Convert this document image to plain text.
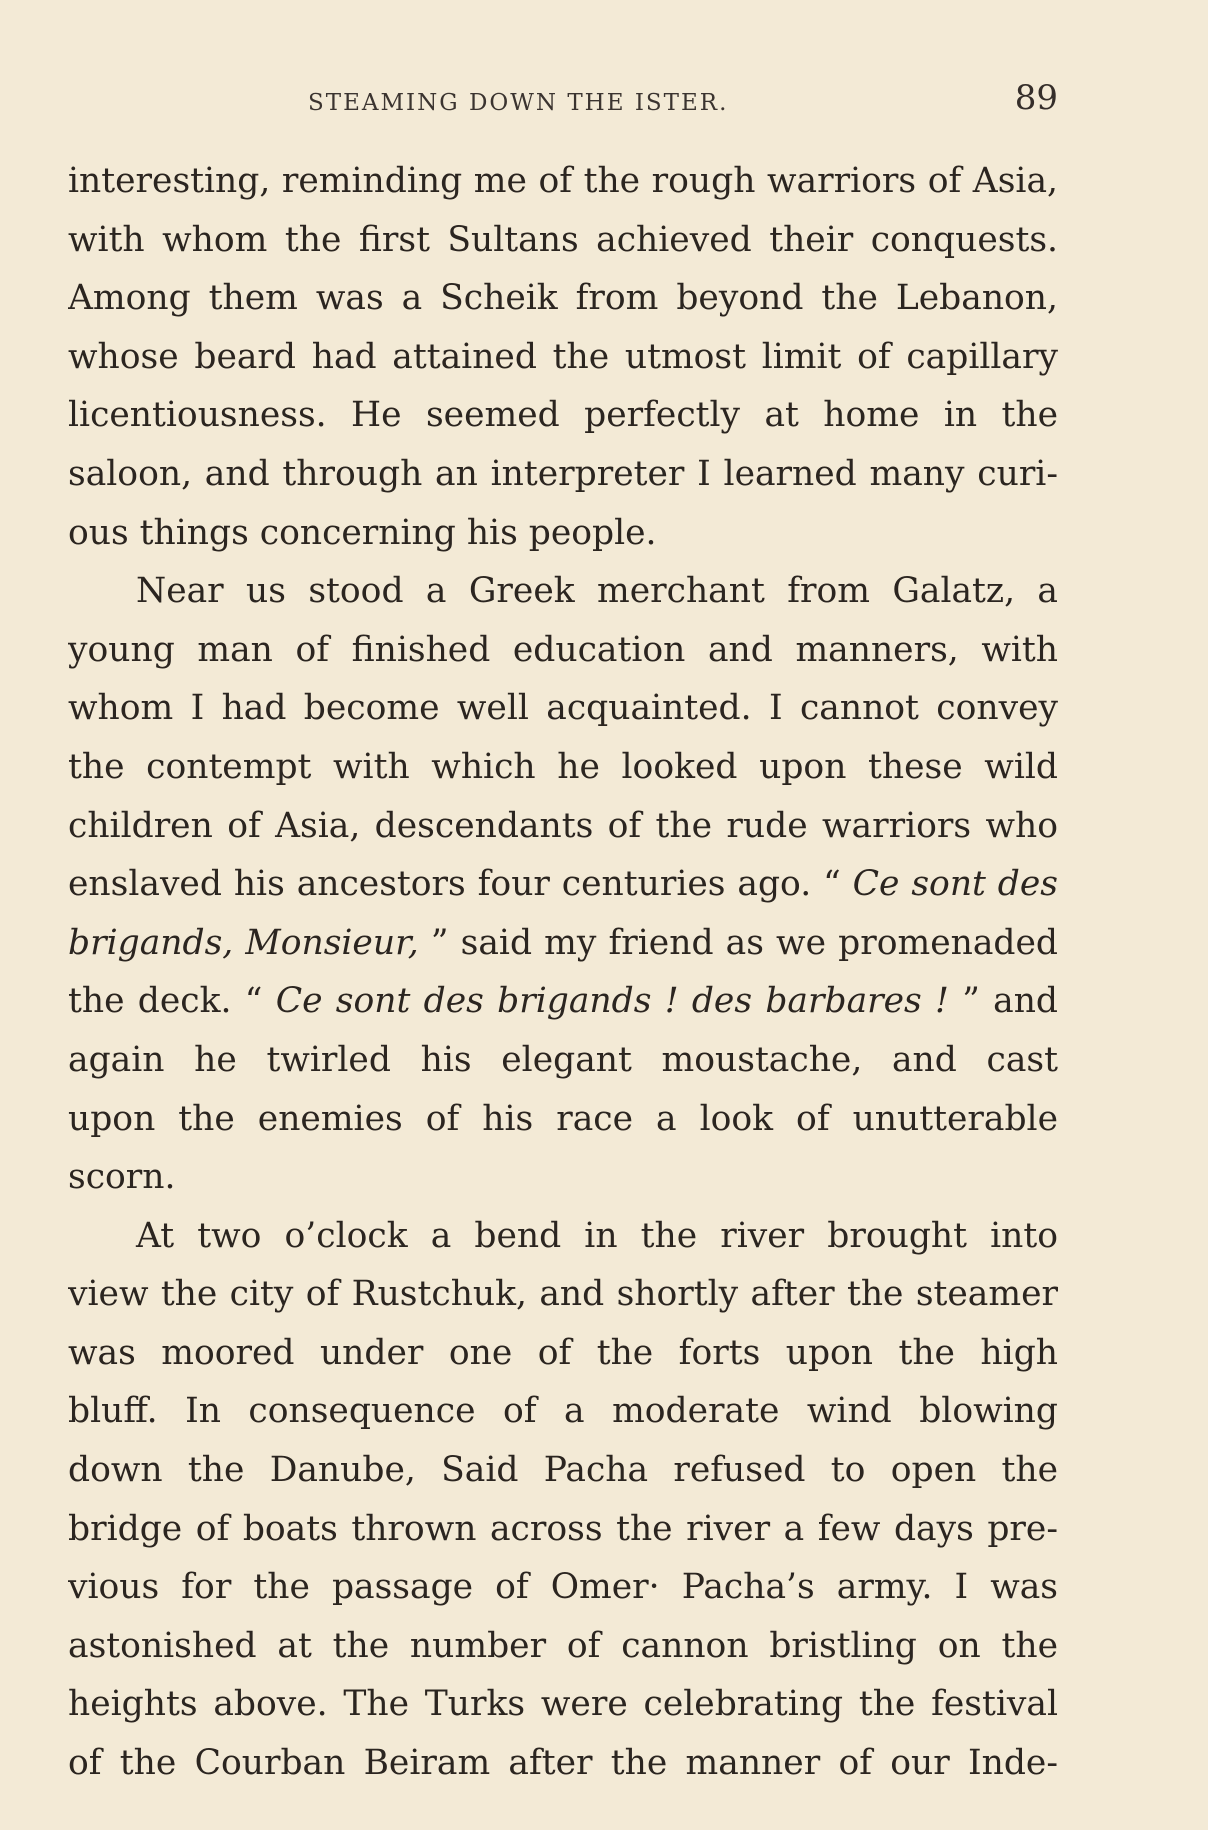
STEAMING DOWN THE ISTER.	89
interesting, reminding me of the rough warriors of Asia,
with whom the first Sultans achieved their conquests.
Among them was a Scheik from beyond the Lebanon,
whose beard had attained the utmost limit of capillary
licentiousness. He seemed perfectly at home in the
saloon, and through an interpreter I learned many curi-
ous things concerning his people.
Near us stood a Greek merchant from Galatz, a
young man of finished education and manners, with
whom I had become well acquainted. I cannot convey
the contempt with which he looked upon these wild
children of Asia, descendants of the rude warriors who
enslaved his ancestors four centuries ago. “ Ce sont des
brigands, Monsieur, ” said my friend as we promenaded
the deck. “ Ce sont des brigands ! des barbares ! ” and
again he twirled his elegant moustache, and cast
upon the enemies of his race a look of unutterable
scorn.
At two o’clock a bend in the river brought into
view the city of Rustchuk, and shortly after the steamer
was moored under one of the forts upon the high
bluff. In consequence of a moderate wind blowing
down the Danube, Said Pacha refused to open the
bridge of boats thrown across the river a few days pre-
vious for the passage of Omer· Pacha’s army. I was
astonished at the number of cannon bristling on the
heights above. The Turks were celebrating the festival
of the Courban Beiram after the manner of our Inde-
